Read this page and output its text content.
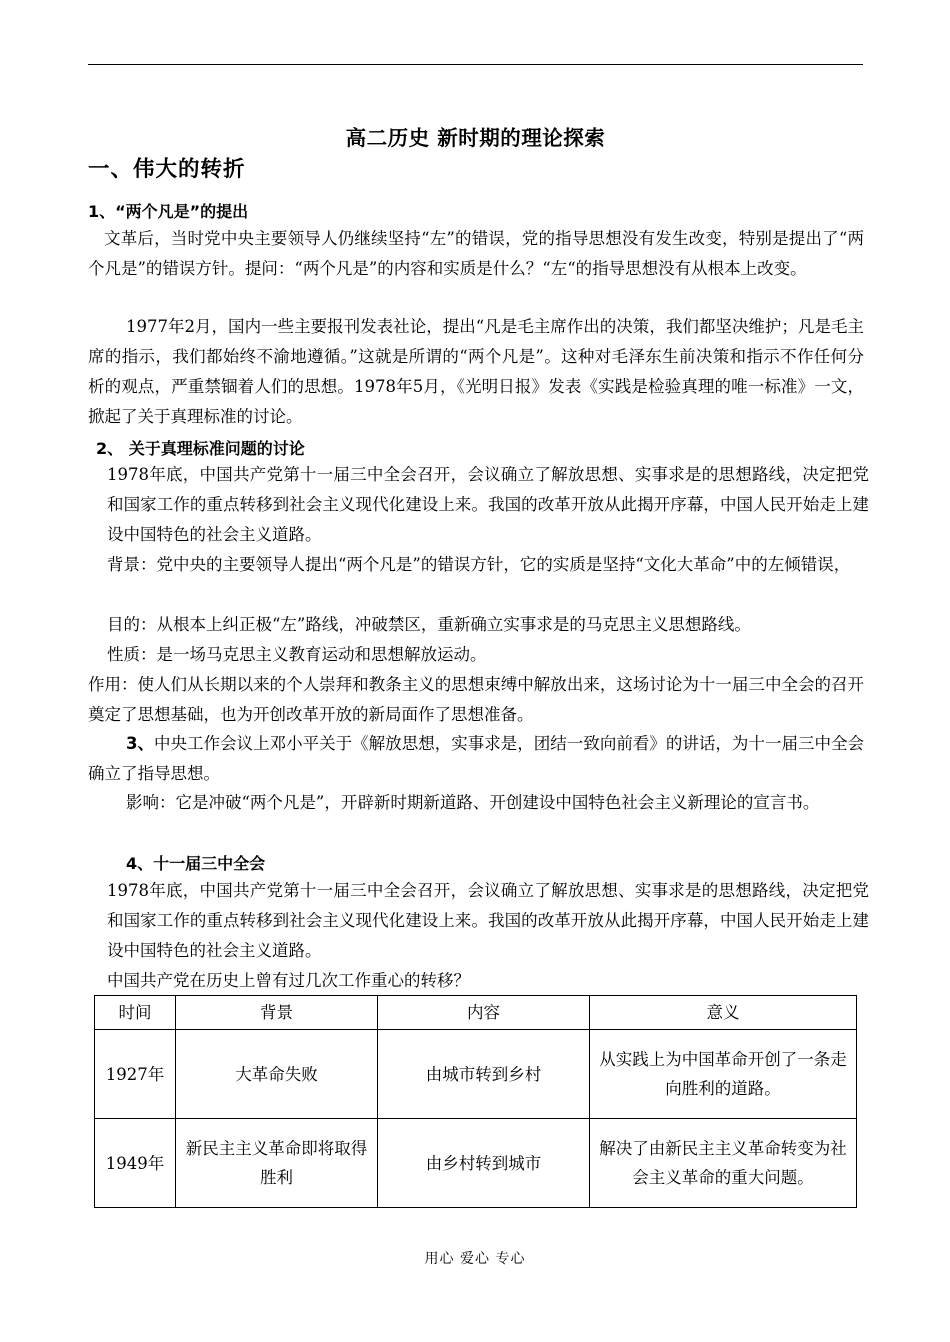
高二历史 新时期的理论探索
一、伟大的转折
1、“两个凡是”的提出
文革后，当时党中央主要领导人仍继续坚持“左”的错误，党的指导思想没有发生改变，特别是提出了“两个凡是”的错误方针。提问：“两个凡是”的内容和实质是什么？“左“的指导思想没有从根本上改变。
1977年2月，国内一些主要报刊发表社论，提出“凡是毛主席作出的决策，我们都坚决维护；凡是毛主席的指示，我们都始终不渝地遵循。”这就是所谓的“两个凡是”。这种对毛泽东生前决策和指示不作任何分析的观点，严重禁锢着人们的思想。1978年5月，《光明日报》发表《实践是检验真理的唯一标准》一文，掀起了关于真理标准的讨论。
2、 关于真理标准问题的讨论
1978年底，中国共产党第十一届三中全会召开，会议确立了解放思想、实事求是的思想路线，决定把党和国家工作的重点转移到社会主义现代化建设上来。我国的改革开放从此揭开序幕，中国人民开始走上建设中国特色的社会主义道路。
背景：党中央的主要领导人提出“两个凡是”的错误方针，它的实质是坚持“文化大革命”中的左倾错误，
目的：从根本上纠正极“左”路线，冲破禁区，重新确立实事求是的马克思主义思想路线。
性质：是一场马克思主义教育运动和思想解放运动。
作用：使人们从长期以来的个人崇拜和教条主义的思想束缚中解放出来，这场讨论为十一届三中全会的召开奠定了思想基础，也为开创改革开放的新局面作了思想准备。
3、中央工作会议上邓小平关于《解放思想，实事求是，团结一致向前看》的讲话，为十一届三中全会确立了指导思想。
影响：它是冲破“两个凡是”，开辟新时期新道路、开创建设中国特色社会主义新理论的宣言书。
4、十一届三中全会
1978年底，中国共产党第十一届三中全会召开，会议确立了解放思想、实事求是的思想路线，决定把党和国家工作的重点转移到社会主义现代化建设上来。我国的改革开放从此揭开序幕，中国人民开始走上建设中国特色的社会主义道路。
中国共产党在历史上曾有过几次工作重心的转移？
时间	背景	内容	意义
1927年	大革命失败	由城市转到乡村	从实践上为中国革命开创了一条走向胜利的道路。
1949年	新民主主义革命即将取得胜利	由乡村转到城市	解决了由新民主主义革命转变为社会主义革命的重大问题。
用心 爱心 专心
